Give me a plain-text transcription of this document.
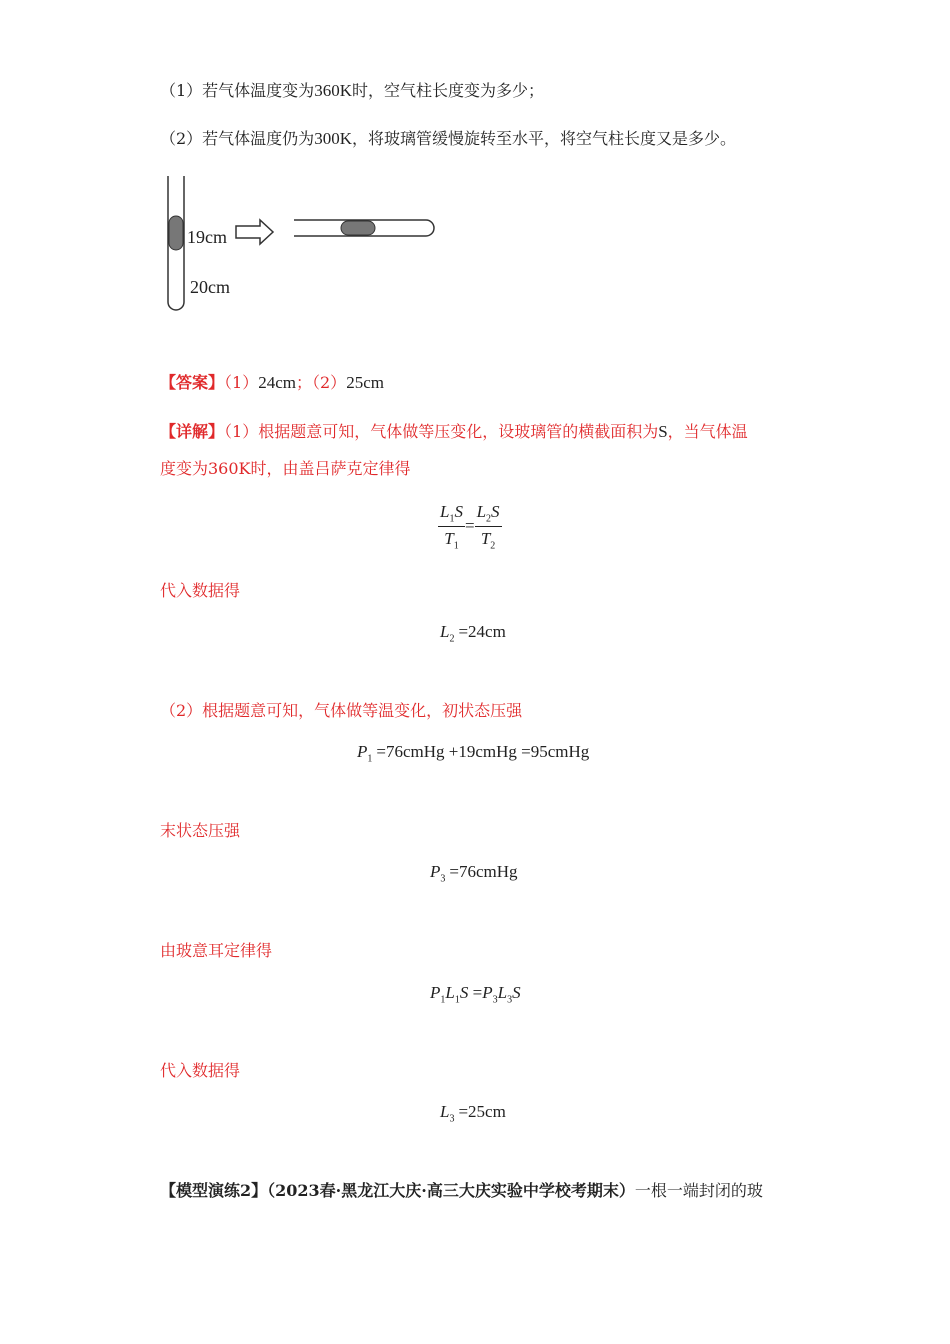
（1）若气体温度变为360K时，空气柱长度变为多少；
（2）若气体温度仍为300K，将玻璃管缓慢旋转至水平，将空气柱长度又是多少。
19cm
20cm
【答案】（1）24cm；（2）25cm
【详解】（1）根据题意可知，气体做等压变化，设玻璃管的横截面积为S，当气体温
度变为360K时，由盖吕萨克定律得
$\frac{L_1S}{T_1} = \frac{L_2S}{T_2}$
代入数据得
$L_2 =24cm$
（2）根据题意可知，气体做等温变化，初状态压强
$P_1$ =76cmHg +19cmHg =95cmHg
末状态压强
$P_3$ =76cmHg
由玻意耳定律得
$P_1L_1S =P_3L_3S$
代入数据得
$L_3 =25cm$
【模型演练2】（2023春·黑龙江大庆·高三大庆实验中学校考期末）一根一端封闭的玻
